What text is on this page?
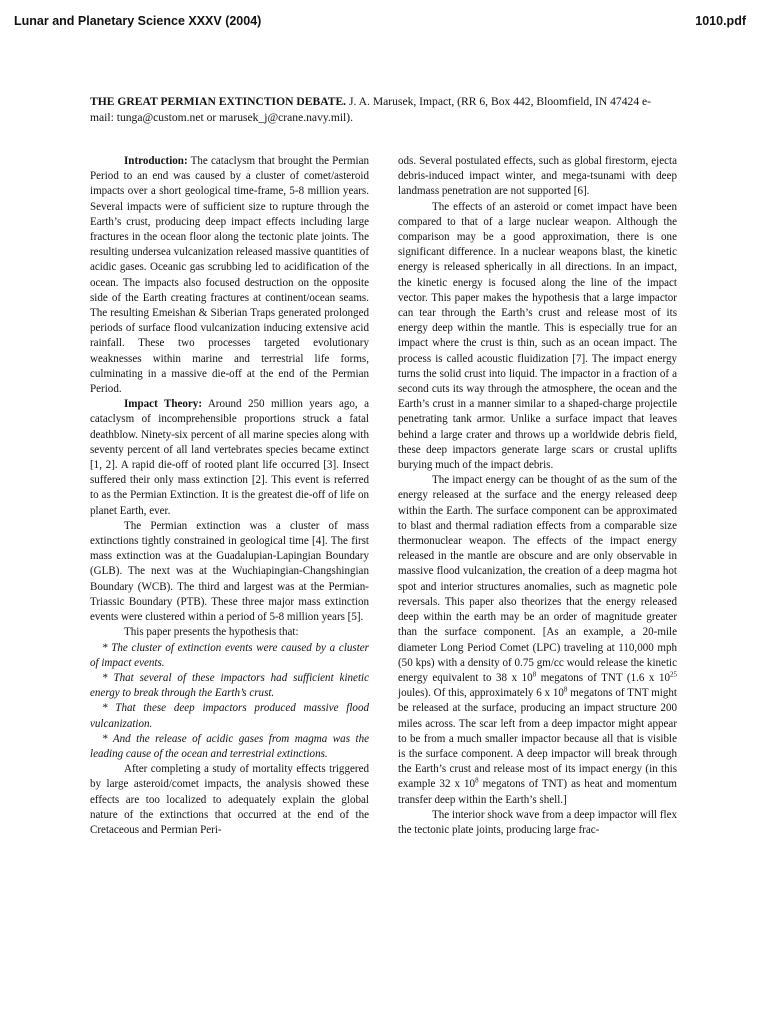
Lunar and Planetary Science XXXV (2004)	1010.pdf
THE GREAT PERMIAN EXTINCTION DEBATE. J. A. Marusek, Impact, (RR 6, Box 442, Bloomfield, IN 47424 e-mail: tunga@custom.net or marusek_j@crane.navy.mil).

Introduction: The cataclysm that brought the Permian Period to an end was caused by a cluster of comet/asteroid impacts over a short geological time-frame, 5-8 million years. Several impacts were of sufficient size to rupture through the Earth’s crust, producing deep impact effects including large fractures in the ocean floor along the tectonic plate joints. The resulting undersea vulcanization released massive quantities of acidic gases. Oceanic gas scrubbing led to acidification of the ocean. The impacts also focused destruction on the opposite side of the Earth creating fractures at continent/ocean seams. The resulting Emeishan & Siberian Traps generated prolonged periods of surface flood vulcanization inducing extensive acid rainfall. These two processes targeted evolutionary weaknesses within marine and terrestrial life forms, culminating in a massive die-off at the end of the Permian Period.

Impact Theory: Around 250 million years ago, a cataclysm of incomprehensible proportions struck a fatal deathblow. Ninety-six percent of all marine species along with seventy percent of all land vertebrates species became extinct [1, 2]. A rapid die-off of rooted plant life occurred [3]. Insect suffered their only mass extinction [2]. This event is referred to as the Permian Extinction. It is the greatest die-off of life on planet Earth, ever.

The Permian extinction was a cluster of mass extinctions tightly constrained in geological time [4]. The first mass extinction was at the Guadalupian-Lapingian Boundary (GLB). The next was at the Wuchiapingian-Changshingian Boundary (WCB). The third and largest was at the Permian-Triassic Boundary (PTB). These three major mass extinction events were clustered within a period of 5-8 million years [5].

This paper presents the hypothesis that:

* The cluster of extinction events were caused by a cluster of impact events.

* That several of these impactors had sufficient kinetic energy to break through the Earth’s crust.

* That these deep impactors produced massive flood vulcanization.

* And the release of acidic gases from magma was the leading cause of the ocean and terrestrial extinctions.

After completing a study of mortality effects triggered by large asteroid/comet impacts, the analysis showed these effects are too localized to adequately explain the global nature of the extinctions that occurred at the end of the Cretaceous and Permian Peri-

ods. Several postulated effects, such as global firestorm, ejecta debris-induced impact winter, and mega-tsunami with deep landmass penetration are not supported [6].

The effects of an asteroid or comet impact have been compared to that of a large nuclear weapon. Although the comparison may be a good approximation, there is one significant difference. In a nuclear weapons blast, the kinetic energy is released spherically in all directions. In an impact, the kinetic energy is focused along the line of the impact vector. This paper makes the hypothesis that a large impactor can tear through the Earth’s crust and release most of its energy deep within the mantle. This is especially true for an impact where the crust is thin, such as an ocean impact. The process is called acoustic fluidization [7]. The impact energy turns the solid crust into liquid. The impactor in a fraction of a second cuts its way through the atmosphere, the ocean and the Earth’s crust in a manner similar to a shaped-charge projectile penetrating tank armor. Unlike a surface impact that leaves behind a large crater and throws up a worldwide debris field, these deep impactors generate large scars or crustal uplifts burying much of the impact debris.

The impact energy can be thought of as the sum of the energy released at the surface and the energy released deep within the Earth. The surface component can be approximated to blast and thermal radiation effects from a comparable size thermonuclear weapon. The effects of the impact energy released in the mantle are obscure and are only observable in massive flood vulcanization, the creation of a deep magma hot spot and interior structures anomalies, such as magnetic pole reversals. This paper also theorizes that the energy released deep within the earth may be an order of magnitude greater than the surface component. [As an example, a 20-mile diameter Long Period Comet (LPC) traveling at 110,000 mph (50 kps) with a density of 0.75 gm/cc would release the kinetic energy equivalent to 38 x $10^8$ megatons of TNT (1.6 x $10^{25}$ joules). Of this, approximately 6 x $10^8$ megatons of TNT might be released at the surface, producing an impact structure 200 miles across. The scar left from a deep impactor might appear to be from a much smaller impactor because all that is visible is the surface component. A deep impactor will break through the Earth’s crust and release most of its impact energy (in this example 32 x $10^8$ megatons of TNT) as heat and momentum transfer deep within the Earth’s shell.]

The interior shock wave from a deep impactor will flex the tectonic plate joints, producing large frac-
